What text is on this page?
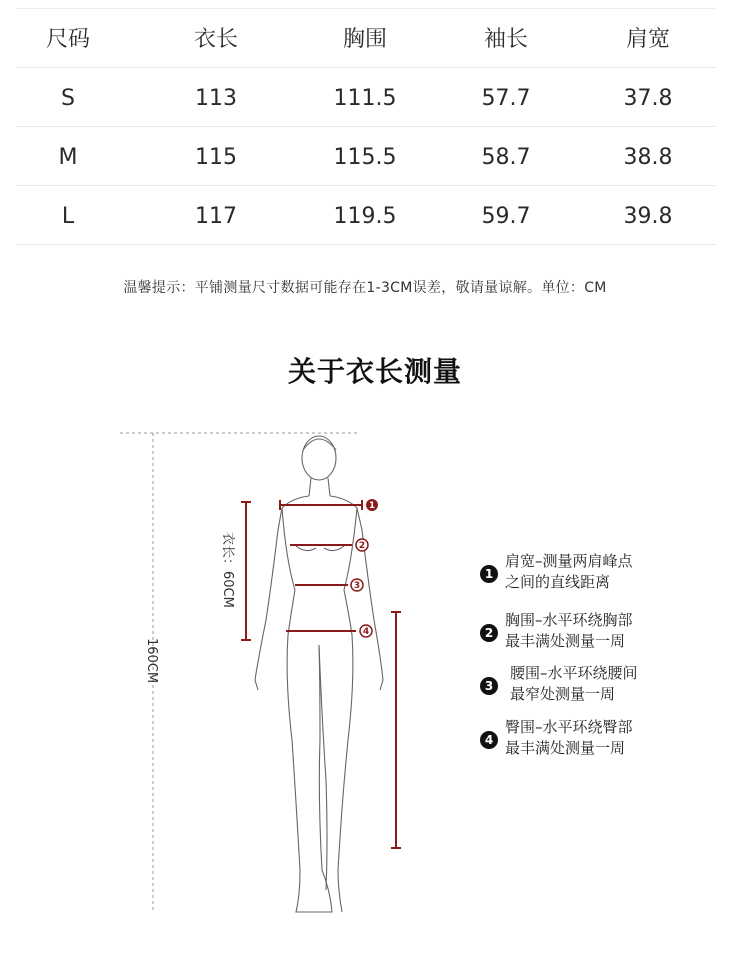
尺码	衣长	胸围	袖长	肩宽
S	113	111.5	57.7	37.8
M	115	115.5	58.7	38.8
L	117	119.5	59.7	39.8
温馨提示：平铺测量尺寸数据可能存在1-3CM误差，敬请量谅解。单位：CM
关于衣长测量
160CM
1
2
3
4
衣长：60CM	1
肩宽–测量两肩峰点
之间的直线距离
2
胸围–水平环绕胸部
最丰满处测量一周
3
腰围–水平环绕腰间
最窄处测量一周
4
臀围–水平环绕臀部
最丰满处测量一周
